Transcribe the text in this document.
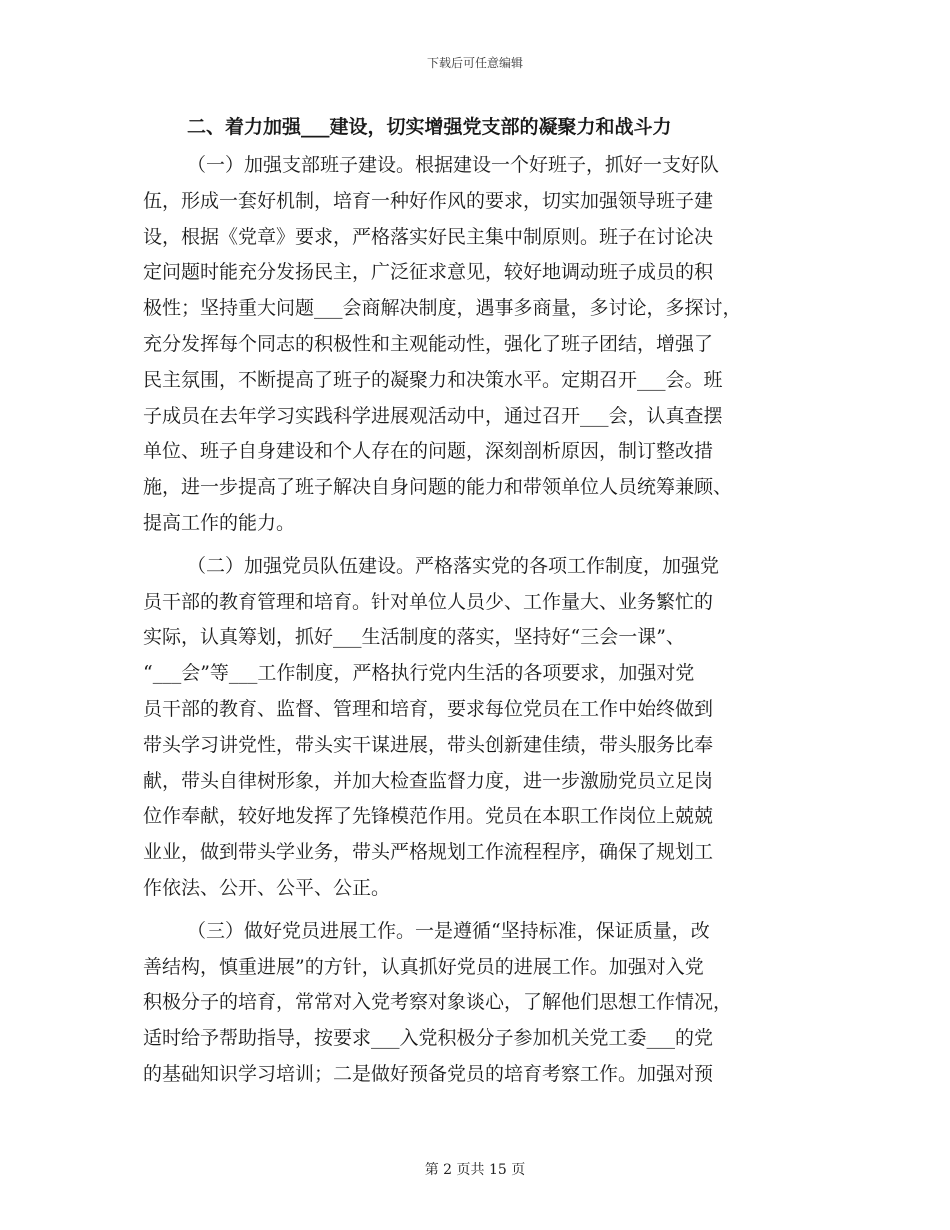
下载后可任意编辑
二、着力加强___建设，切实增强党支部的凝聚力和战斗力
（一）加强支部班子建设。根据建设一个好班子，抓好一支好队
伍，形成一套好机制，培育一种好作风的要求，切实加强领导班子建
设，根据《党章》要求，严格落实好民主集中制原则。班子在讨论决
定问题时能充分发扬民主，广泛征求意见，较好地调动班子成员的积
极性；坚持重大问题___会商解决制度，遇事多商量，多讨论，多探讨，
充分发挥每个同志的积极性和主观能动性，强化了班子团结，增强了
民主氛围，不断提高了班子的凝聚力和决策水平。定期召开___会。班
子成员在去年学习实践科学进展观活动中，通过召开___会，认真查摆
单位、班子自身建设和个人存在的问题，深刻剖析原因，制订整改措
施，进一步提高了班子解决自身问题的能力和带领单位人员统筹兼顾、
提高工作的能力。
（二）加强党员队伍建设。严格落实党的各项工作制度，加强党
员干部的教育管理和培育。针对单位人员少、工作量大、业务繁忙的
实际，认真筹划，抓好___生活制度的落实，坚持好“三会一课”、
“___会”等___工作制度，严格执行党内生活的各项要求，加强对党
员干部的教育、监督、管理和培育，要求每位党员在工作中始终做到
带头学习讲党性，带头实干谋进展，带头创新建佳绩，带头服务比奉
献，带头自律树形象，并加大检查监督力度，进一步激励党员立足岗
位作奉献，较好地发挥了先锋模范作用。党员在本职工作岗位上兢兢
业业，做到带头学业务，带头严格规划工作流程程序，确保了规划工
作依法、公开、公平、公正。
（三）做好党员进展工作。一是遵循“坚持标准，保证质量，改
善结构，慎重进展”的方针，认真抓好党员的进展工作。加强对入党
积极分子的培育，常常对入党考察对象谈心，了解他们思想工作情况，
适时给予帮助指导，按要求___入党积极分子参加机关党工委___的党
的基础知识学习培训；二是做好预备党员的培育考察工作。加强对预
第 2 页共 15 页
